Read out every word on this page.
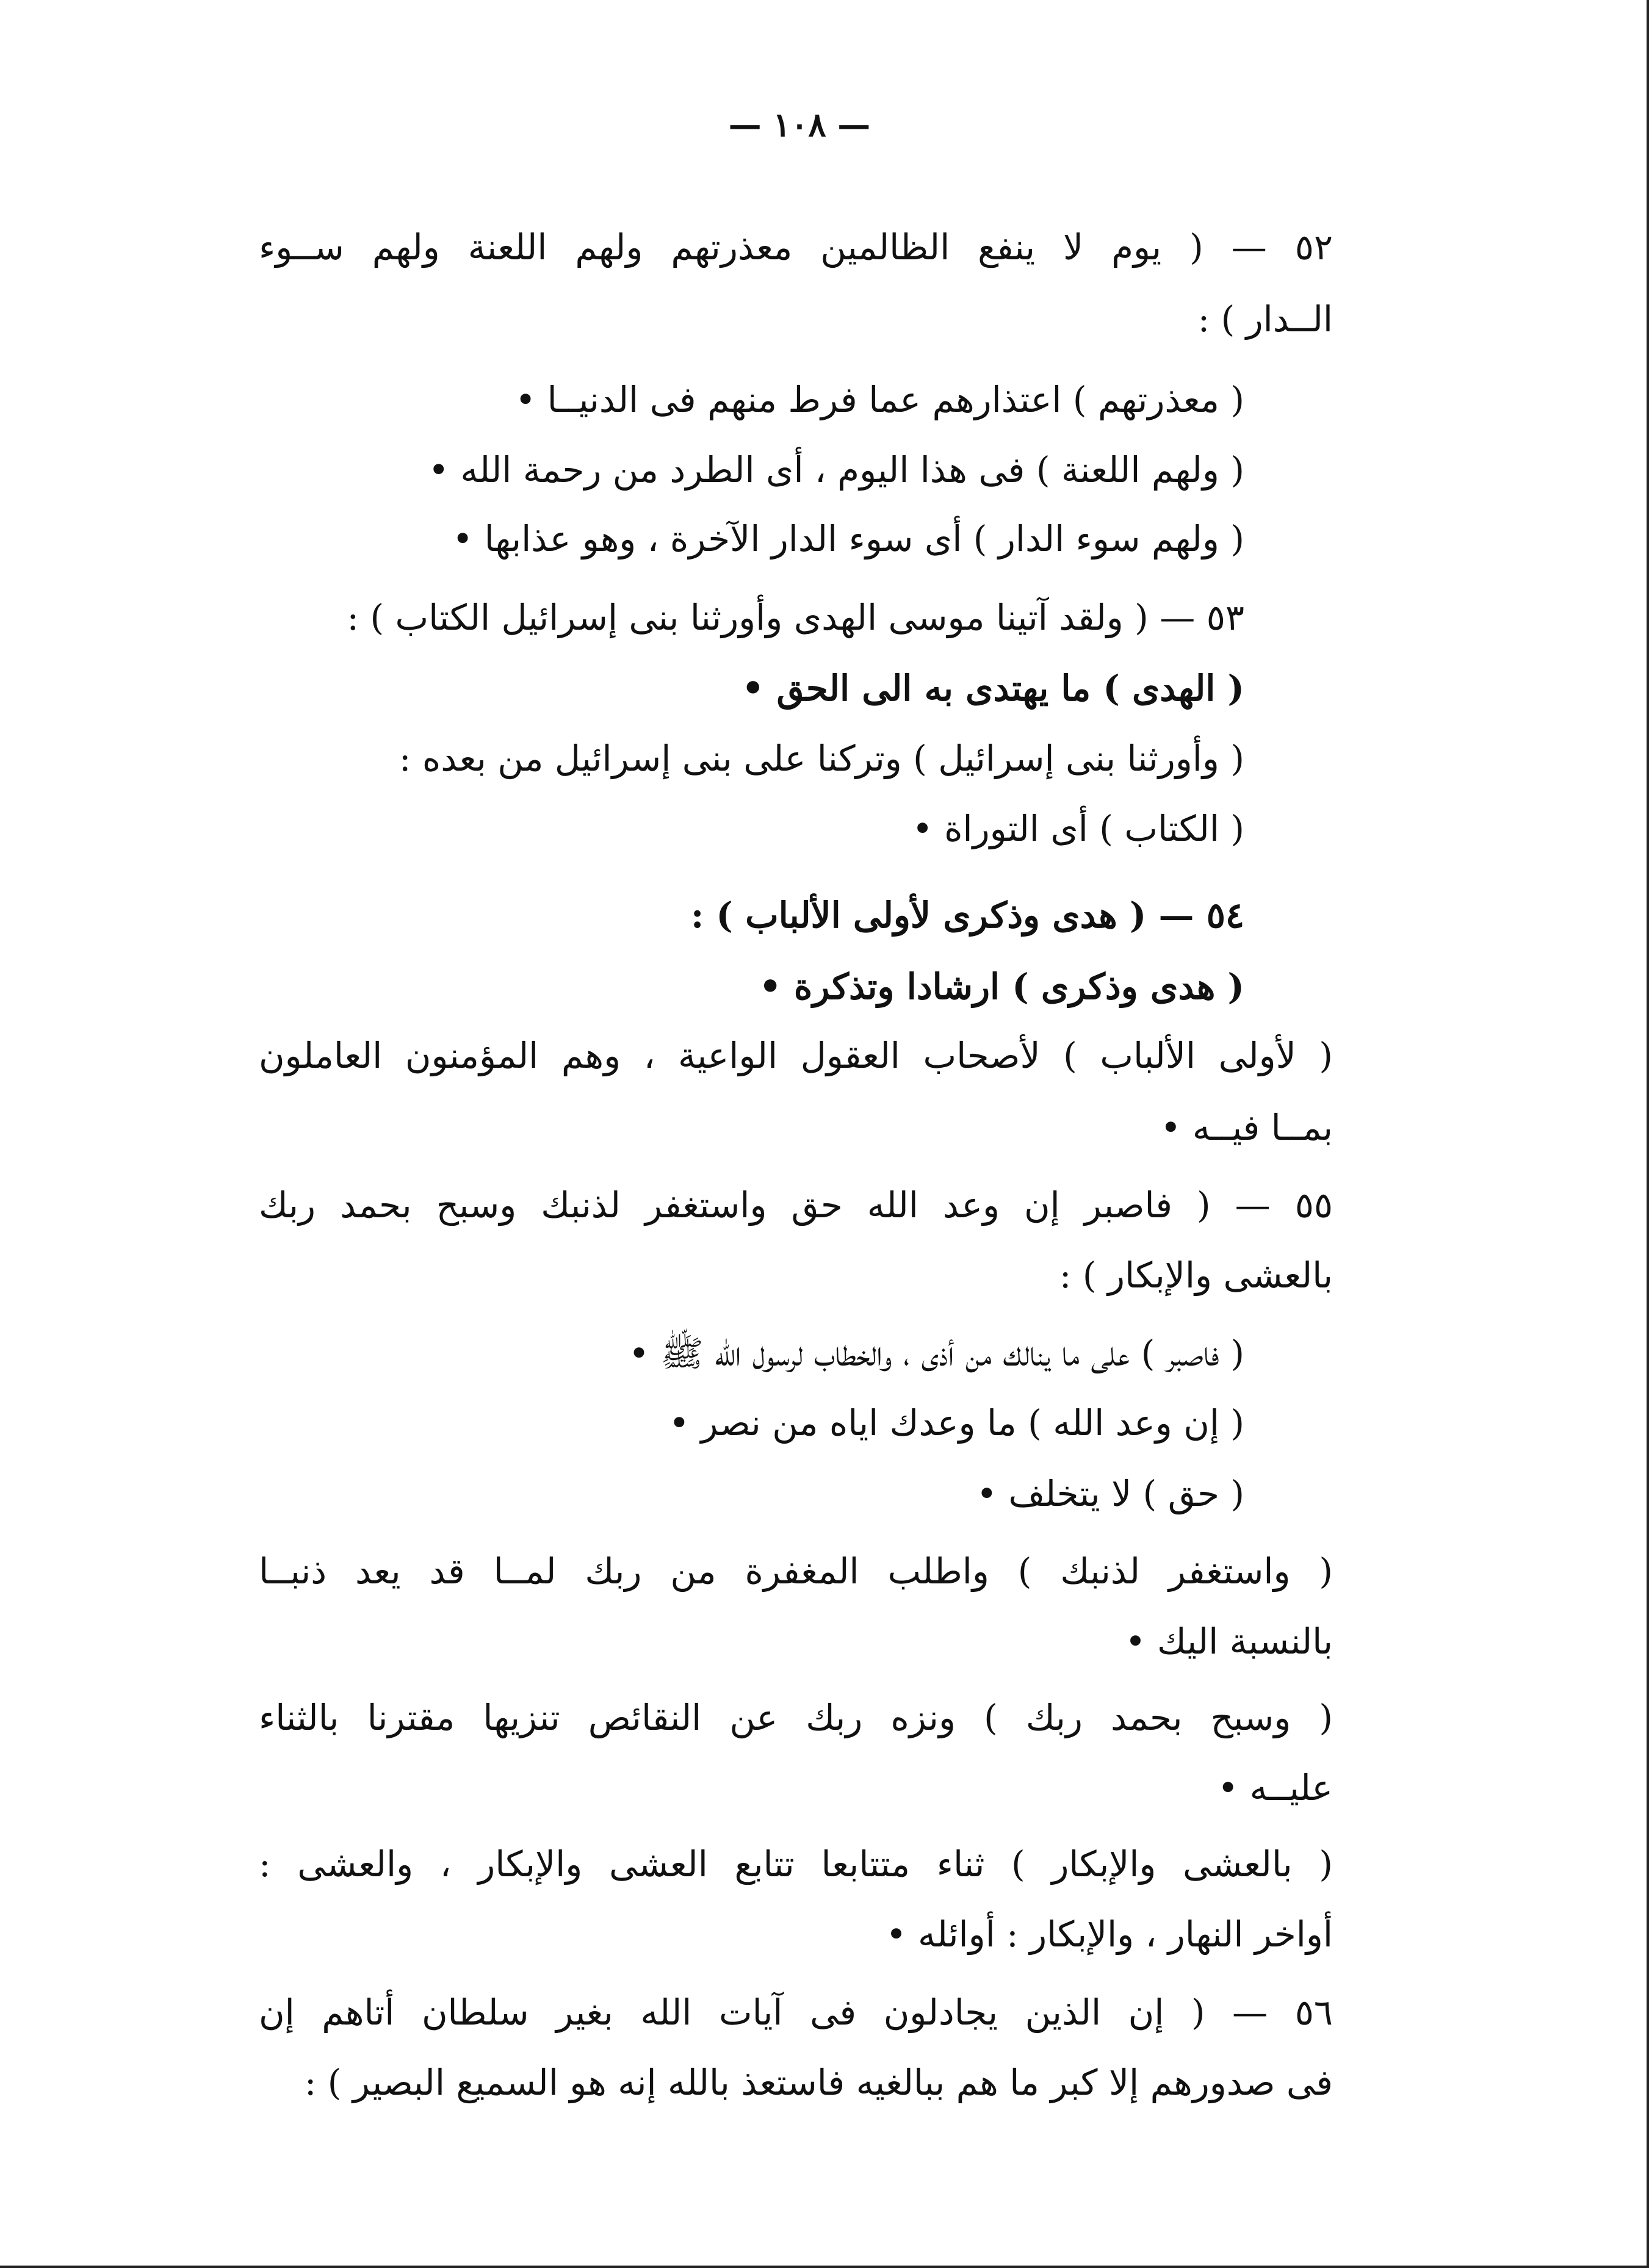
— ١٠٨ —
٥٢ — ( يوم لا ينفع الظالمين معذرتهم ولهم اللعنة ولهم ســوء
الــدار ) :
( معذرتهم ) اعتذارهم عما فرط منهم فى الدنيــا •
( ولهم اللعنة ) فى هذا اليوم ، أى الطرد من رحمة الله •
( ولهم سوء الدار ) أى سوء الدار الآخرة ، وهو عذابها •
٥٣ — ( ولقد آتينا موسى الهدى وأورثنا بنى إسرائيل الكتاب ) :
( الهدى ) ما يهتدى به الى الحق •
( وأورثنا بنى إسرائيل ) وتركنا على بنى إسرائيل من بعده :
( الكتاب ) أى التوراة •
٥٤ — ( هدى وذكرى لأولى الألباب ) :
( هدى وذكرى ) ارشادا وتذكرة •
( لأولى الألباب ) لأصحاب العقول الواعية ، وهم المؤمنون العاملون
بمــا فيــه •
٥٥ — ( فاصبر إن وعد الله حق واستغفر لذنبك وسبح بحمد ربك
بالعشى والإبكار ) :
( فاصبر ) على ما ينالك من أذى ، والخطاب لرسول الله ﷺ •
( إن وعد الله ) ما وعدك اياه من نصر •
( حق ) لا يتخلف •
( واستغفر لذنبك ) واطلب المغفرة من ربك لمــا قد يعد ذنبــا
بالنسبة اليك •
( وسبح بحمد ربك ) ونزه ربك عن النقائص تنزيها مقترنا بالثناء
عليــه •
( بالعشى والإبكار ) ثناء متتابعا تتابع العشى والإبكار ، والعشى :
أواخر النهار ، والإبكار : أوائله •
٥٦ — ( إن الذين يجادلون فى آيات الله بغير سلطان أتاهم إن
فى صدورهم إلا كبر ما هم ببالغيه فاستعذ بالله إنه هو السميع البصير ) :
